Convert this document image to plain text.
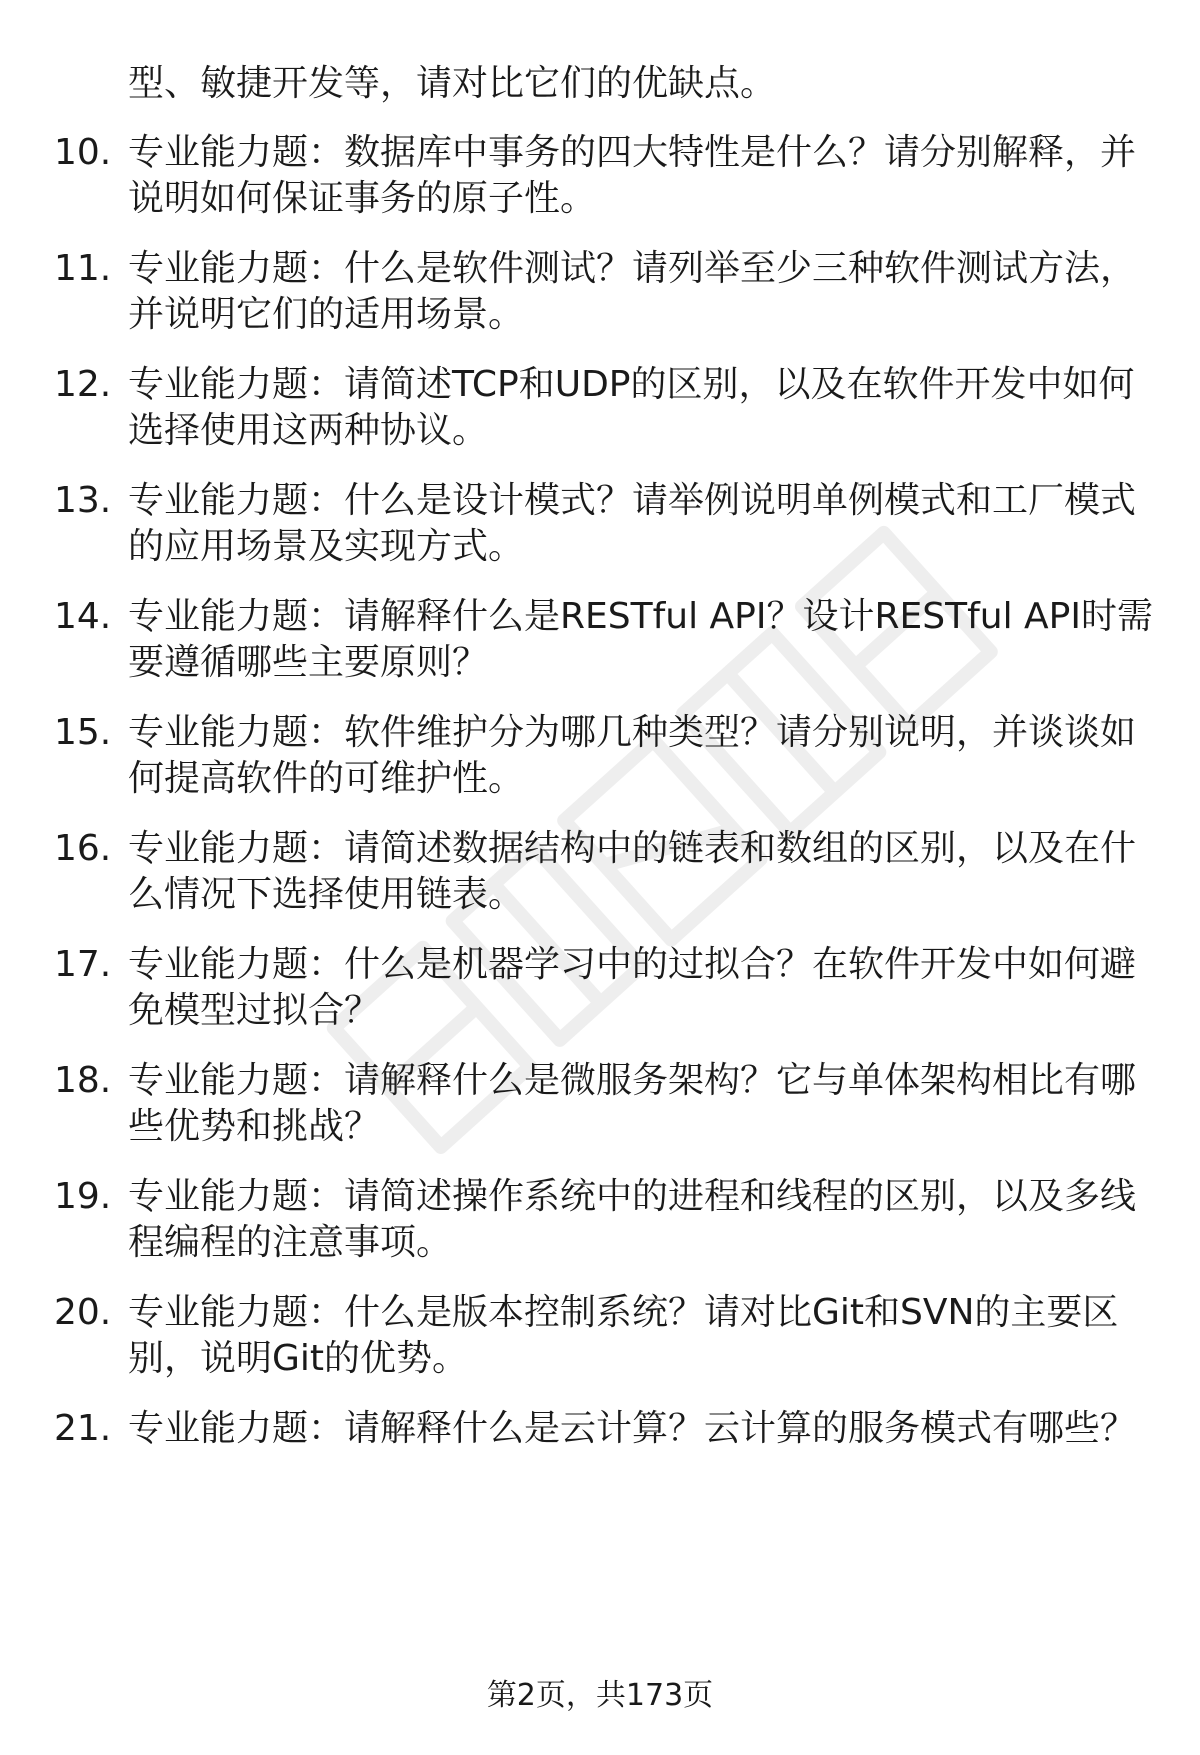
型、敏捷开发等，请对比它们的优缺点。
10. 专业能力题：数据库中事务的四大特性是什么？请分别解释，并
说明如何保证事务的原子性。
11. 专业能力题：什么是软件测试？请列举至少三种软件测试方法，
并说明它们的适用场景。
12. 专业能力题：请简述TCP和UDP的区别，以及在软件开发中如何
选择使用这两种协议。
13. 专业能力题：什么是设计模式？请举例说明单例模式和工厂模式
的应用场景及实现方式。
14. 专业能力题：请解释什么是RESTful API？设计RESTful API时需
要遵循哪些主要原则？
15. 专业能力题：软件维护分为哪几种类型？请分别说明，并谈谈如
何提高软件的可维护性。
16. 专业能力题：请简述数据结构中的链表和数组的区别，以及在什
么情况下选择使用链表。
17. 专业能力题：什么是机器学习中的过拟合？在软件开发中如何避
免模型过拟合？
18. 专业能力题：请解释什么是微服务架构？它与单体架构相比有哪
些优势和挑战？
19. 专业能力题：请简述操作系统中的进程和线程的区别，以及多线
程编程的注意事项。
20. 专业能力题：什么是版本控制系统？请对比Git和SVN的主要区
别，说明Git的优势。
21. 专业能力题：请解释什么是云计算？云计算的服务模式有哪些？
第2页，共173页
